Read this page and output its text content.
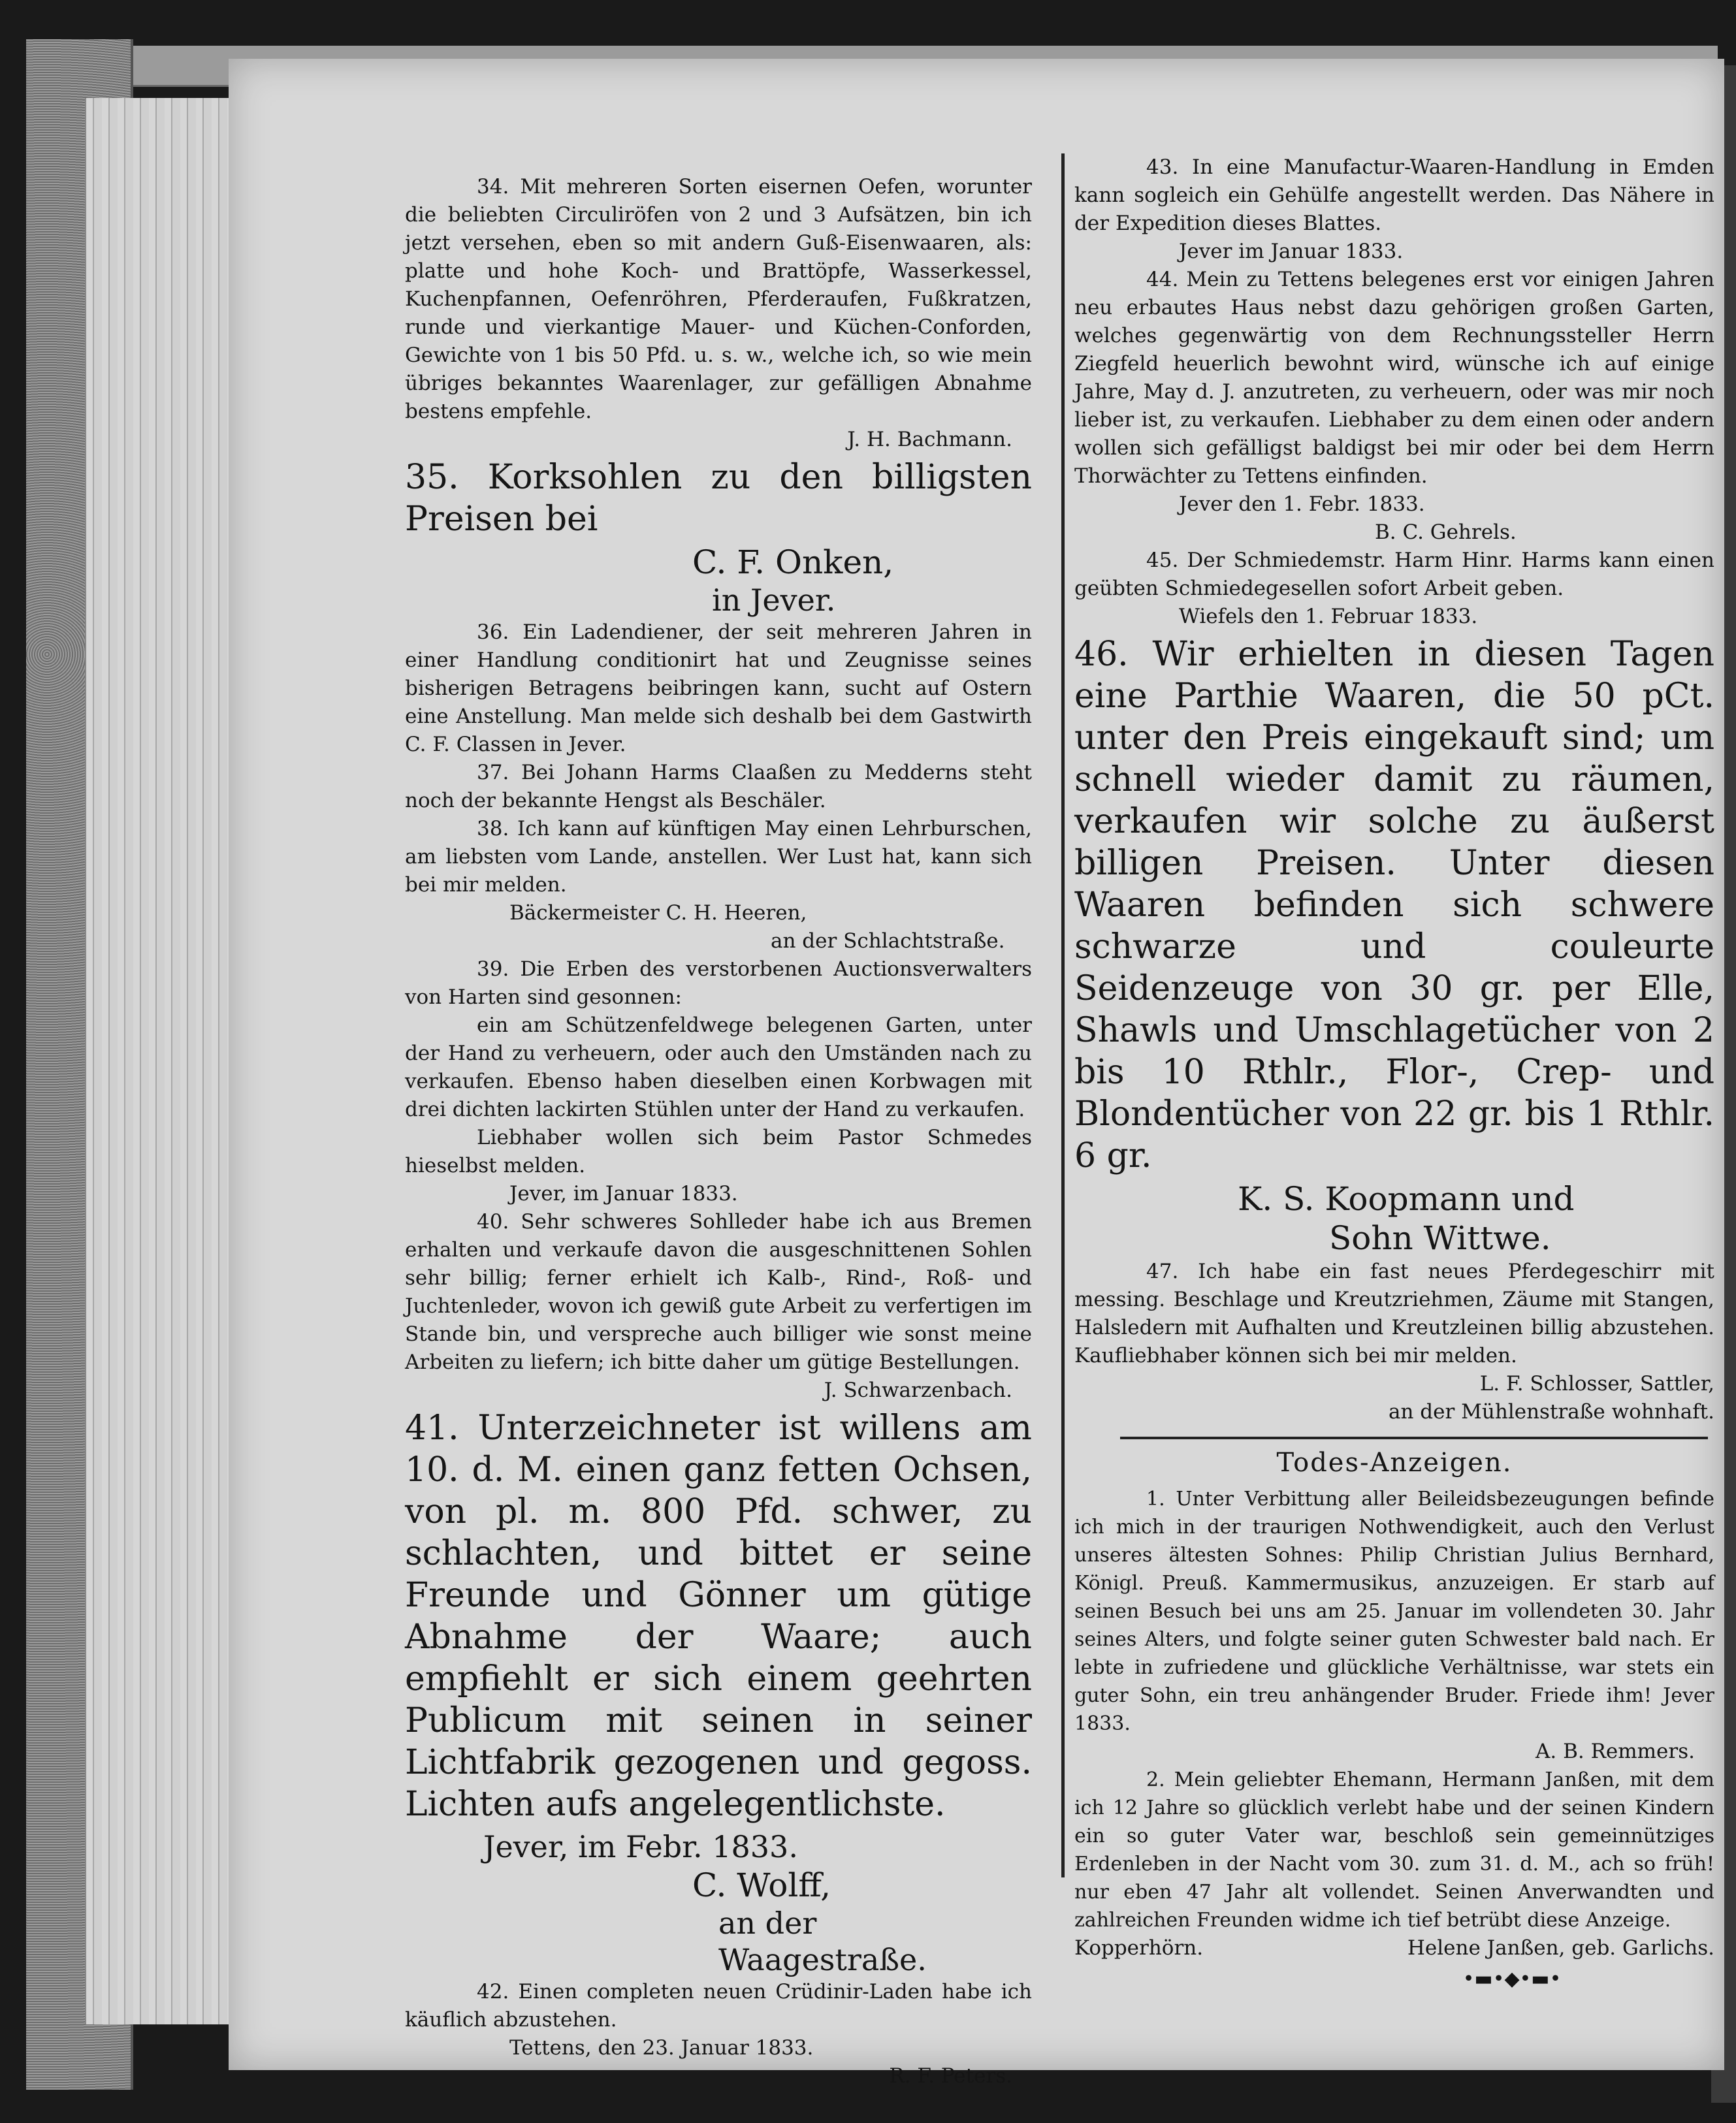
34. Mit mehreren Sorten eisernen Oefen, worunter die beliebten Circuliröfen von 2 und 3 Aufsätzen, bin ich jetzt versehen, eben so mit andern Guß-Eisenwaaren, als: platte und hohe Koch- und Brattöpfe, Wasserkessel, Kuchenpfannen, Oefenröhren, Pferderaufen, Fußkratzen, runde und vierkantige Mauer- und Küchen-Conforden, Gewichte von 1 bis 50 Pfd. u. s. w., welche ich, so wie mein übriges bekanntes Waarenlager, zur gefälligen Abnahme bestens empfehle.

J. H. Bachmann.

35. Korksohlen zu den billigsten Preisen bei

C. F. Onken,

in Jever.

36. Ein Ladendiener, der seit mehreren Jahren in einer Handlung conditionirt hat und Zeugnisse seines bisherigen Betragens beibringen kann, sucht auf Ostern eine Anstellung. Man melde sich deshalb bei dem Gastwirth C. F. Classen in Jever.

37. Bei Johann Harms Claaßen zu Medderns steht noch der bekannte Hengst als Beschäler.

38. Ich kann auf künftigen May einen Lehrburschen, am liebsten vom Lande, anstellen. Wer Lust hat, kann sich bei mir melden.

Bäckermeister C. H. Heeren,

an der Schlachtstraße.

39. Die Erben des verstorbenen Auctionsverwalters von Harten sind gesonnen:

ein am Schützenfeldwege belegenen Garten, unter der Hand zu verheuern, oder auch den Umständen nach zu verkaufen. Ebenso haben dieselben einen Korbwagen mit drei dichten lackirten Stühlen unter der Hand zu verkaufen.

Liebhaber wollen sich beim Pastor Schmedes hieselbst melden.

Jever, im Januar 1833.

40. Sehr schweres Sohlleder habe ich aus Bremen erhalten und verkaufe davon die ausgeschnittenen Sohlen sehr billig; ferner erhielt ich Kalb-, Rind-, Roß- und Juchtenleder, wovon ich gewiß gute Arbeit zu verfertigen im Stande bin, und verspreche auch billiger wie sonst meine Arbeiten zu liefern; ich bitte daher um gütige Bestellungen.

J. Schwarzenbach.

41. Unterzeichneter ist willens am 10. d. M. einen ganz fetten Ochsen, von pl. m. 800 Pfd. schwer, zu schlachten, und bittet er seine Freunde und Gönner um gütige Abnahme der Waare; auch empfiehlt er sich einem geehrten Publicum mit seinen in seiner Lichtfabrik gezogenen und gegoss. Lichten aufs angelegentlichste.

Jever, im Febr. 1833.

C. Wolff,

an der Waagestraße.

42. Einen completen neuen Crüdinir-Laden habe ich käuflich abzustehen.

Tettens, den 23. Januar 1833.

R. F. Peters.

43. In eine Manufactur-Waaren-Handlung in Emden kann sogleich ein Gehülfe angestellt werden. Das Nähere in der Expedition dieses Blattes.

Jever im Januar 1833.

44. Mein zu Tettens belegenes erst vor einigen Jahren neu erbautes Haus nebst dazu gehörigen großen Garten, welches gegenwärtig von dem Rechnungssteller Herrn Ziegfeld heuerlich bewohnt wird, wünsche ich auf einige Jahre, May d. J. anzutreten, zu verheuern, oder was mir noch lieber ist, zu verkaufen. Liebhaber zu dem einen oder andern wollen sich gefälligst baldigst bei mir oder bei dem Herrn Thorwächter zu Tettens einfinden.

Jever den 1. Febr. 1833.

B. C. Gehrels.

45. Der Schmiedemstr. Harm Hinr. Harms kann einen geübten Schmiedegesellen sofort Arbeit geben.

Wiefels den 1. Februar 1833.

46. Wir erhielten in diesen Tagen eine Parthie Waaren, die 50 pCt. unter den Preis eingekauft sind; um schnell wieder damit zu räumen, verkaufen wir solche zu äußerst billigen Preisen. Unter diesen Waaren befinden sich schwere schwarze und couleurte Seidenzeuge von 30 gr. per Elle, Shawls und Umschlagetücher von 2 bis 10 Rthlr., Flor-, Crep- und Blondentücher von 22 gr. bis 1 Rthlr. 6 gr.

K. S. Koopmann und

Sohn Wittwe.

47. Ich habe ein fast neues Pferdegeschirr mit messing. Beschlage und Kreutzriehmen, Zäume mit Stangen, Halsledern mit Aufhalten und Kreutzleinen billig abzustehen. Kaufliebhaber können sich bei mir melden.

L. F. Schlosser, Sattler,

an der Mühlenstraße wohnhaft.

Todes-Anzeigen.

1. Unter Verbittung aller Beileidsbezeugungen befinde ich mich in der traurigen Nothwendigkeit, auch den Verlust unseres ältesten Sohnes: Philip Christian Julius Bernhard, Königl. Preuß. Kammermusikus, anzuzeigen. Er starb auf seinen Besuch bei uns am 25. Januar im vollendeten 30. Jahr seines Alters, und folgte seiner guten Schwester bald nach. Er lebte in zufriedene und glückliche Verhältnisse, war stets ein guter Sohn, ein treu anhängender Bruder. Friede ihm! Jever 1833.

A. B. Remmers.

2. Mein geliebter Ehemann, Hermann Janßen, mit dem ich 12 Jahre so glücklich verlebt habe und der seinen Kindern ein so guter Vater war, beschloß sein gemeinnütziges Erdenleben in der Nacht vom 30. zum 31. d. M., ach so früh! nur eben 47 Jahr alt vollendet. Seinen Anverwandten und zahlreichen Freunden widme ich tief betrübt diese Anzeige.

Kopperhörn.	Helene Janßen, geb. Garlichs.

•▬•◆•▬•
